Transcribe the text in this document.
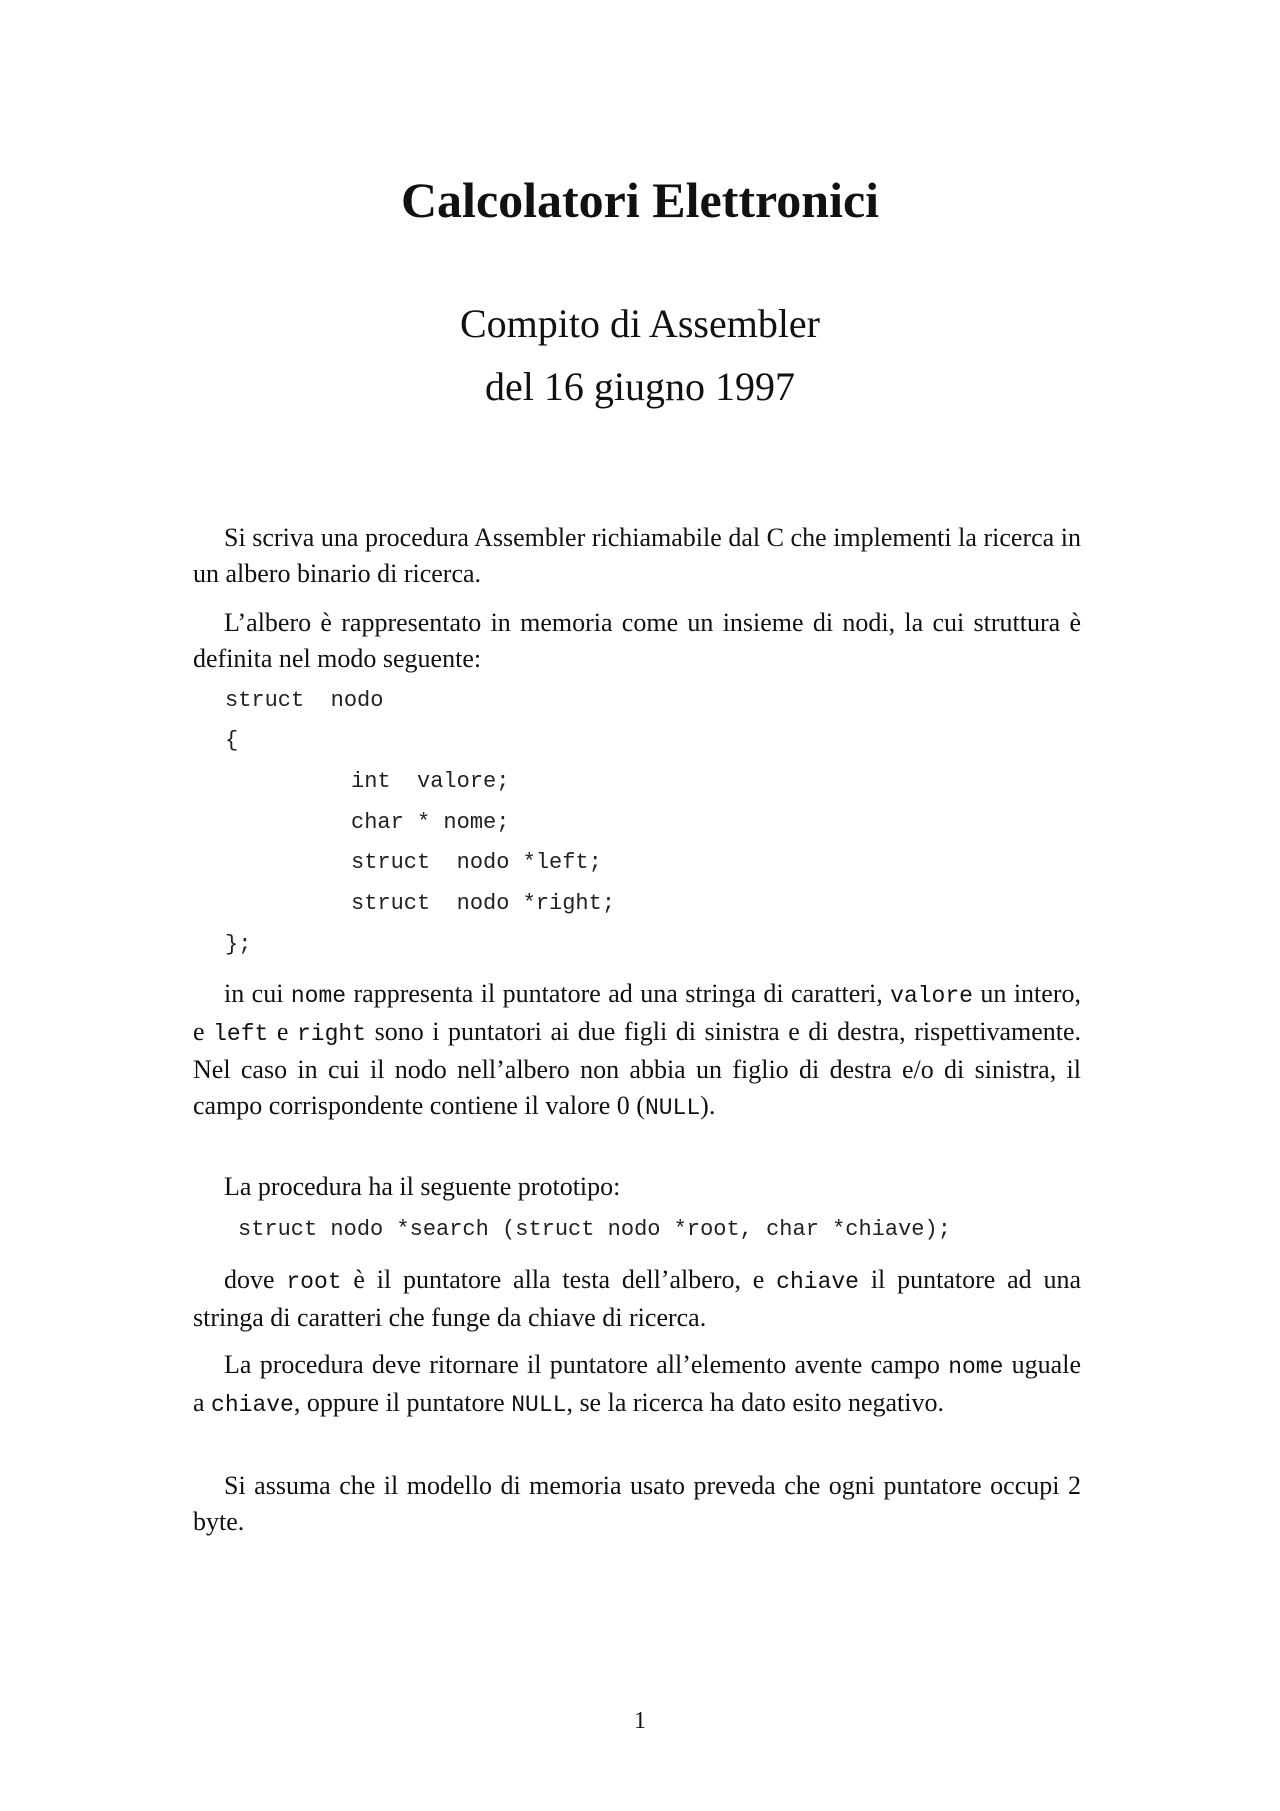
Calcolatori Elettronici

Compito di Assembler

del 16 giugno 1997

Si scriva una procedura Assembler richiamabile dal C che implementi la ricerca in un albero binario di ricerca.

L’albero è rappresentato in memoria come un insieme di nodi, la cui struttura è definita nel modo seguente:

struct  nodo
{
int  valore;
char * nome;
struct  nodo *left;
struct  nodo *right;
};

in cui nome rappresenta il puntatore ad una stringa di caratteri, valore un intero, e left e right sono i puntatori ai due figli di sinistra e di destra, rispettivamente. Nel caso in cui il nodo nell’albero non abbia un figlio di destra e/o di sinistra, il campo corrispondente contiene il valore 0 (NULL).

La procedura ha il seguente prototipo:

struct nodo *search (struct nodo *root, char *chiave);

dove root è il puntatore alla testa dell’albero, e chiave il puntatore ad una stringa di caratteri che funge da chiave di ricerca.

La procedura deve ritornare il puntatore all’elemento avente campo nome uguale a chiave, oppure il puntatore NULL, se la ricerca ha dato esito negativo.

Si assuma che il modello di memoria usato preveda che ogni puntatore occupi 2 byte.

1
